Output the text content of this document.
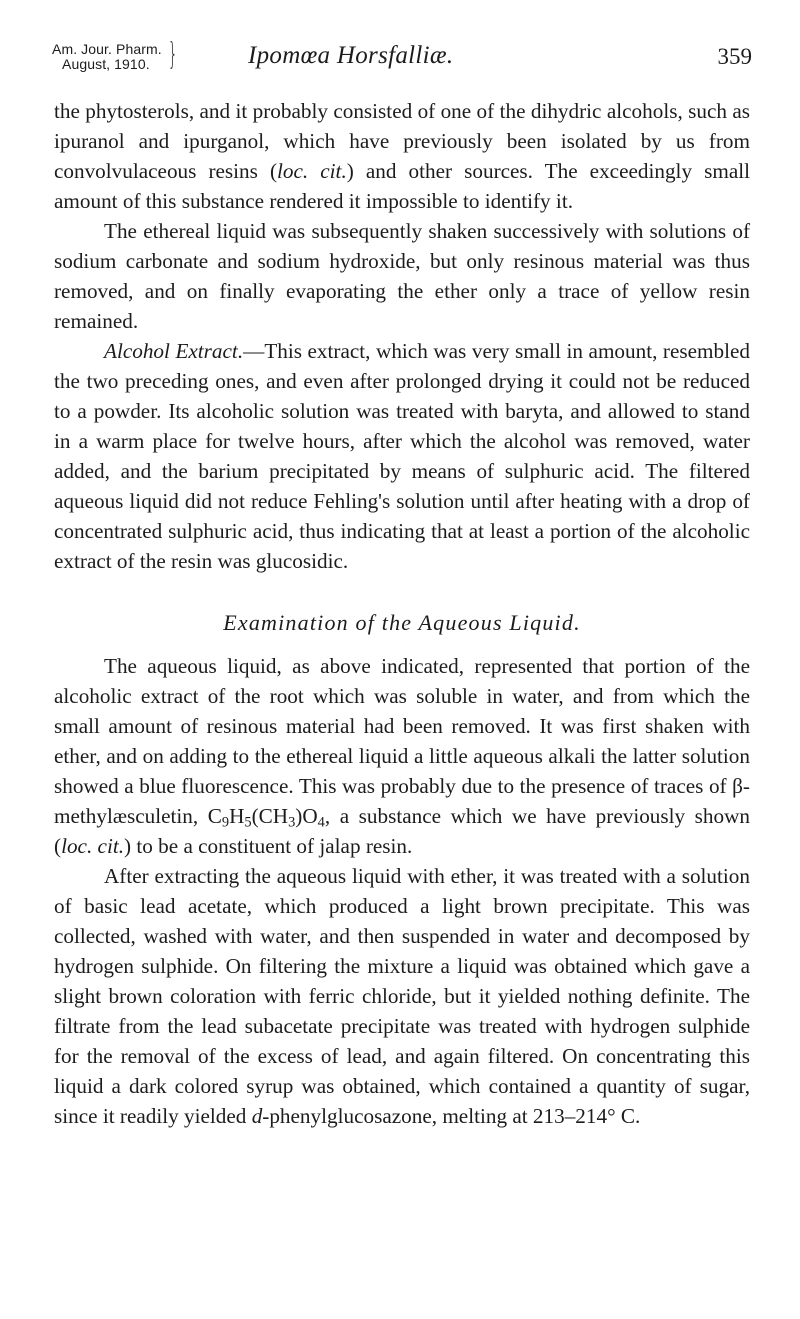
Am. Jour. Pharm.
August, 1910. }	Ipomœa Horsfalliæ.	359

the phytosterols, and it probably consisted of one of the dihydric alcohols, such as ipuranol and ipurganol, which have previously been isolated by us from convolvulaceous resins (loc. cit.) and other sources. The exceedingly small amount of this substance rendered it impossible to identify it.

The ethereal liquid was subsequently shaken successively with solutions of sodium carbonate and sodium hydroxide, but only resinous material was thus removed, and on finally evaporating the ether only a trace of yellow resin remained.

Alcohol Extract.—This extract, which was very small in amount, resembled the two preceding ones, and even after prolonged drying it could not be reduced to a powder. Its alcoholic solution was treated with baryta, and allowed to stand in a warm place for twelve hours, after which the alcohol was removed, water added, and the barium precipitated by means of sulphuric acid. The filtered aqueous liquid did not reduce Fehling's solution until after heating with a drop of concentrated sulphuric acid, thus indicating that at least a portion of the alcoholic extract of the resin was glucosidic.

Examination of the Aqueous Liquid.

The aqueous liquid, as above indicated, represented that portion of the alcoholic extract of the root which was soluble in water, and from which the small amount of resinous material had been removed. It was first shaken with ether, and on adding to the ethereal liquid a little aqueous alkali the latter solution showed a blue fluorescence. This was probably due to the presence of traces of β-methylæsculetin, $C_9H_5(CH_3)O_4$, a substance which we have previously shown (loc. cit.) to be a constituent of jalap resin.

After extracting the aqueous liquid with ether, it was treated with a solution of basic lead acetate, which produced a light brown precipitate. This was collected, washed with water, and then suspended in water and decomposed by hydrogen sulphide. On filtering the mixture a liquid was obtained which gave a slight brown coloration with ferric chloride, but it yielded nothing definite. The filtrate from the lead subacetate precipitate was treated with hydrogen sulphide for the removal of the excess of lead, and again filtered. On concentrating this liquid a dark colored syrup was obtained, which contained a quantity of sugar, since it readily yielded d-phenylglucosazone, melting at 213–214° C.
